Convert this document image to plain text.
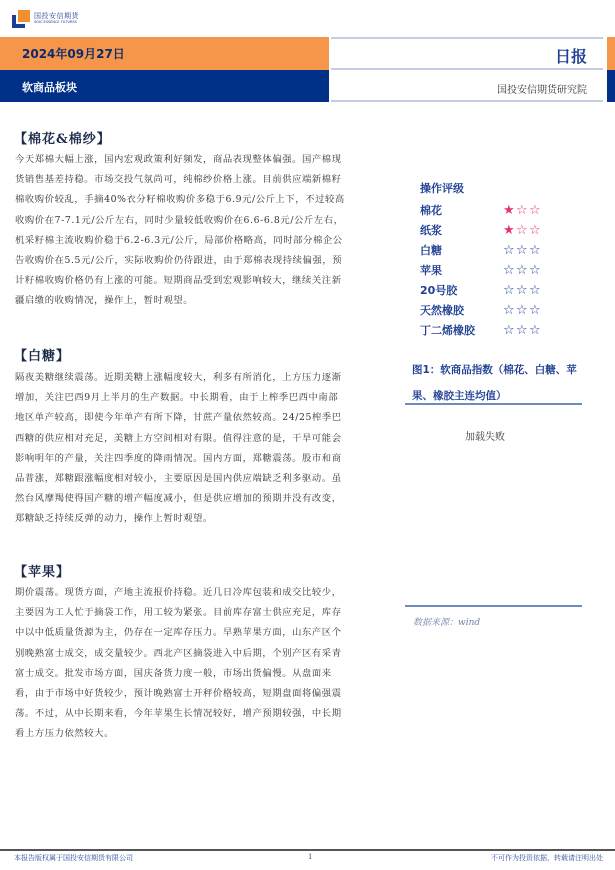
国投安信期货
SDIC ESSENCE FUTURES
2024年09月27日
软商品板块
日报
国投安信期货研究院
【棉花&棉纱】
今天郑棉大幅上涨，国内宏观政策利好频发，商品表现整体偏强。国产棉现
货销售基差持稳。市场交投气氛尚可，纯棉纱价格上涨。目前供应端新棉籽
棉收购价较乱，手摘40%衣分籽棉收购价多稳于6.9元/公斤上下，不过较高
收购价在7-7.1元/公斤左右，同时少量较低收购价在6.6-6.8元/公斤左右，
机采籽棉主流收购价稳于6.2-6.3元/公斤，局部价格略高，同时部分棉企公
告收购价在5.5元/公斤，实际收购价仍待跟进，由于郑棉表现持续偏强，预
计籽棉收购价格仍有上涨的可能。短期商品受到宏观影响较大，继续关注新
疆启缴的收购情况，操作上，暂时观望。
【白糖】
隔夜美糖继续震荡。近期美糖上涨幅度较大，利多有所消化，上方压力逐渐
增加，关注巴西9月上半月的生产数据。中长期看，由于上榨季巴西中南部
地区单产较高，即使今年单产有所下降，甘蔗产量依然较高。24/25榨季巴
西糖的供应相对充足，美糖上方空间相对有限。值得注意的是，干旱可能会
影响明年的产量，关注四季度的降雨情况。国内方面，郑糖震荡。股市和商
品普涨，郑糖跟涨幅度相对较小，主要原因是国内供应端缺乏利多驱动。虽
然台风摩羯使得国产糖的增产幅度减小，但是供应增加的预期并没有改变，
郑糖缺乏持续反弹的动力，操作上暂时观望。
【苹果】
期价震荡。现货方面，产地主流报价持稳。近几日冷库包装和成交比较少，
主要因为工人忙于摘袋工作，用工较为紧张。目前库存富士供应充足，库存
中以中低质量货源为主，仍存在一定库存压力。早熟苹果方面，山东产区个
别晚熟富士成交，成交量较少。西北产区摘袋进入中后期，个别产区有采青
富士成交。批发市场方面，国庆备货力度一般，市场出货偏慢。从盘面来
看，由于市场中好货较少，预计晚熟富士开秤价格较高，短期盘面将偏强震
荡。不过，从中长期来看，今年苹果生长情况较好，增产预期较强，中长期
看上方压力依然较大。
操作评级
棉花	★☆☆
纸浆	★☆☆
白糖	☆☆☆
苹果	☆☆☆
20号胶	☆☆☆
天然橡胶	☆☆☆
丁二烯橡胶	☆☆☆
图1：软商品指数（棉花、白糖、苹果、橡胶主连均值）
加载失败
数据来源：wind
本报告版权属于国投安信期货有限公司	1	不可作为投资依据，转载请注明出处
